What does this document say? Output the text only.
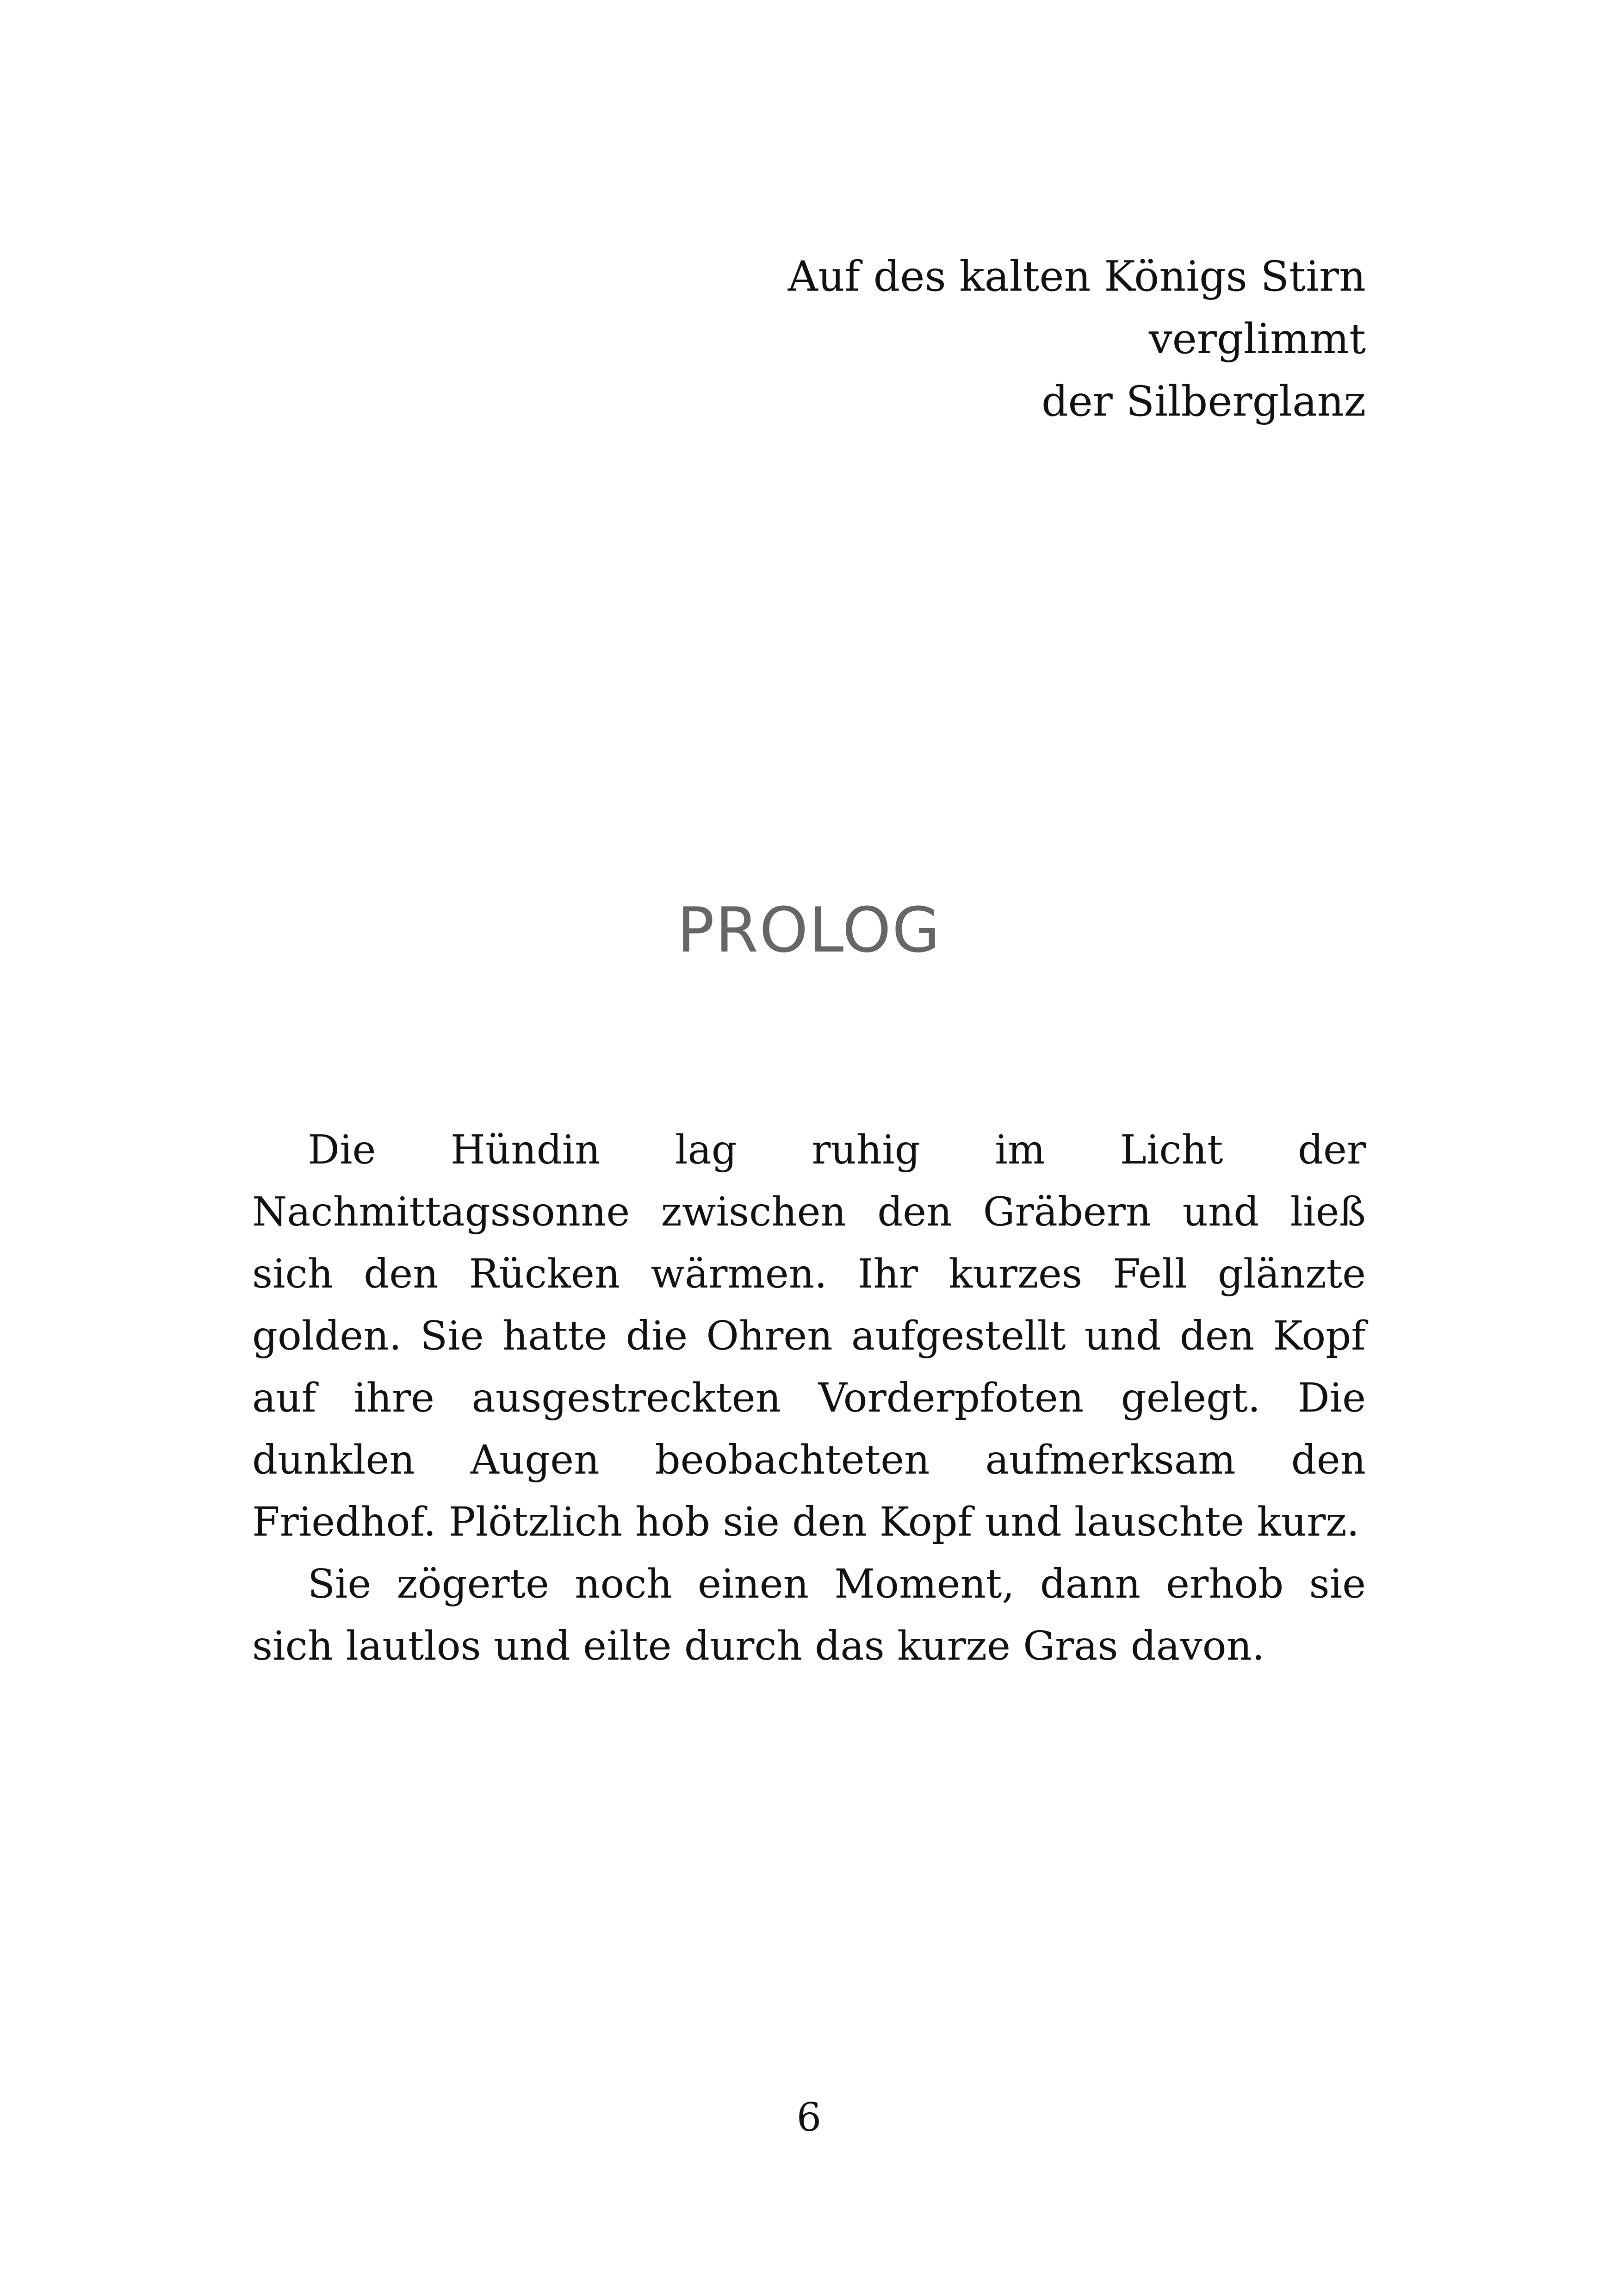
Auf des kalten Königs Stirn
verglimmt
der Silberglanz
PROLOG

Die Hündin lag ruhig im Licht der Nachmittagssonne zwischen den Gräbern und ließ sich den Rücken wärmen. Ihr kurzes Fell glänzte golden. Sie hatte die Ohren aufgestellt und den Kopf auf ihre ausgestreckten Vorderpfoten gelegt. Die dunklen Augen beobachteten aufmerksam den Friedhof. Plötzlich hob sie den Kopf und lauschte kurz.

Sie zögerte noch einen Moment, dann erhob sie sich lautlos und eilte durch das kurze Gras davon.

6
